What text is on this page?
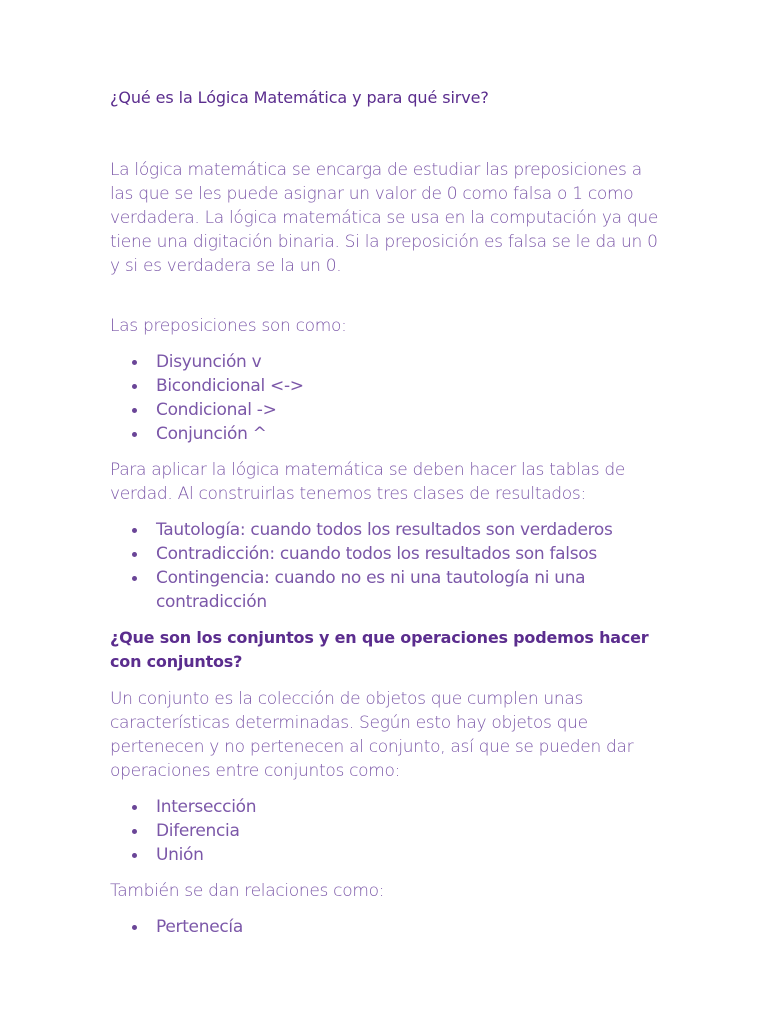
¿Qué es la Lógica Matemática y para qué sirve?
La lógica matemática se encarga de estudiar las preposiciones a las que se les puede asignar un valor de 0 como falsa o 1 como verdadera. La lógica matemática se usa en la computación ya que tiene una digitación binaria. Si la preposición es falsa se le da un 0 y si es verdadera se la un 0.
Las preposiciones son como:
Disyunción v
Bicondicional <->
Condicional ->
Conjunción ^
Para aplicar la lógica matemática se deben hacer las tablas de verdad. Al construirlas tenemos tres clases de resultados:
Tautología: cuando todos los resultados son verdaderos
Contradicción: cuando todos los resultados son falsos
Contingencia: cuando no es ni una tautología ni una contradicción
¿Que son los conjuntos y en que operaciones podemos hacer con conjuntos?
Un conjunto es la colección de objetos que cumplen unas características determinadas. Según esto hay objetos que pertenecen y no pertenecen al conjunto, así que se pueden dar operaciones entre conjuntos como:
Intersección
Diferencia
Unión
También se dan relaciones como:
Pertenecía
